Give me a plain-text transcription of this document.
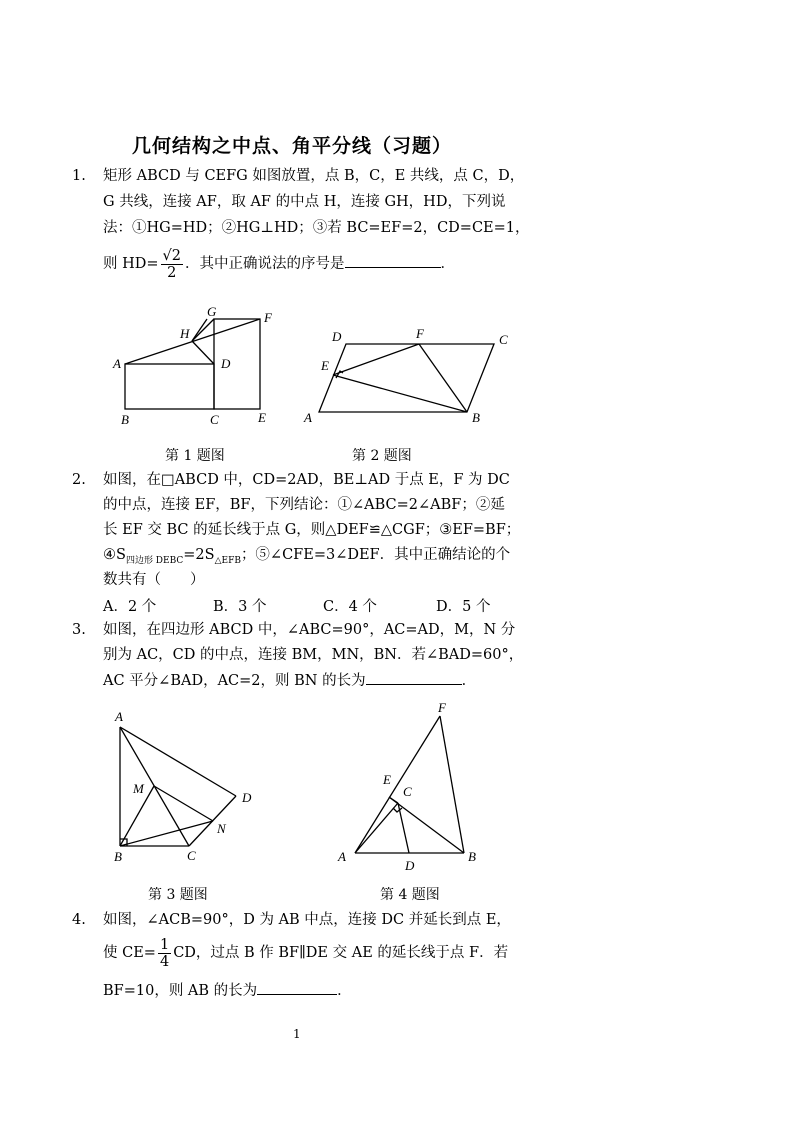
几何结构之中点、角平分线（习题）
1. 矩形 ABCD 与 CEFG 如图放置，点 B，C，E 共线，点 C，D，
G 共线，连接 AF，取 AF 的中点 H，连接 GH，HD，下列说
法：①HG=HD；②HG⊥HD；③若 BC=EF=2，CD=CE=1，
则 $HD= \frac{√2}{2}$ ．其中正确说法的序号是	．
G	F
H
A	D
B	C	E
D	F	C
E
A	B
第 1 题图	第 2 题图
2. 如图，在□ABCD 中，CD=2AD，BE⊥AD 于点 E，F 为 DC
的中点，连接 EF，BF，下列结论：①∠ABC=2∠ABF；②延
长 EF 交 BC 的延长线于点 G，则△DEF≌△CGF；③EF=BF；
$④S_{四边形 DEBC}=2S_{\triangle EFB}$；⑤∠CFE=3∠DEF．其中正确结论的个
数共有（　　）
A．2 个	B．3 个	C．4 个	D．5 个
3. 如图，在四边形 ABCD 中，∠ABC=90°，AC=AD，M，N 分
别为 AC，CD 的中点，连接 BM，MN，BN．若∠BAD=60°，
AC 平分∠BAD，AC=2，则 BN 的长为	．
A
M
D
N
B	C
F
E
C
A
D
B
第 3 题图	第 4 题图
4. 如图，∠ACB=90°，D 为 AB 中点，连接 DC 并延长到点 E，
使 $CE= \frac{1}{4}$ CD，过点 B 作 BF∥DE 交 AE 的延长线于点 F．若
BF=10，则 AB 的长为	．
1
